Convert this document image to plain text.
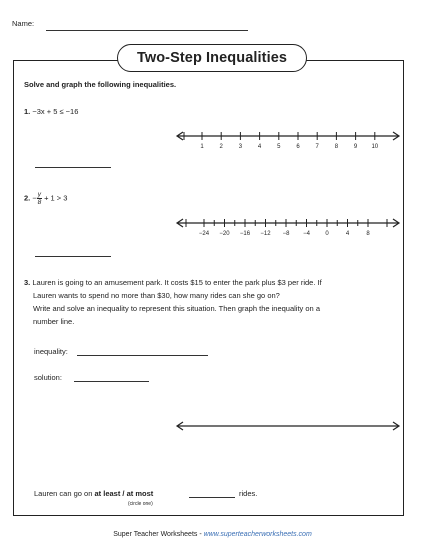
Name:
Two-Step Inequalities
Solve and graph the following inequalities.
1. −3x + 5 ≤ −16
1	2	3	4	5	6	7	8	9 10
2. − $\frac{y}{8} + 1 > 3$
−24 −20 −16 −12 −8 −4	0	4	8
3. Lauren is going to an amusement park. It costs $15 to enter the park plus $3 per ride. If
Lauren wants to spend no more than $30, how many rides can she go on?
Write and solve an inequality to represent this situation. Then graph the inequality on a
number line.
inequality:
solution:
Lauren can go on at least / at most	rides.
(circle one)
Super Teacher Worksheets - www.superteacherworksheets.com
